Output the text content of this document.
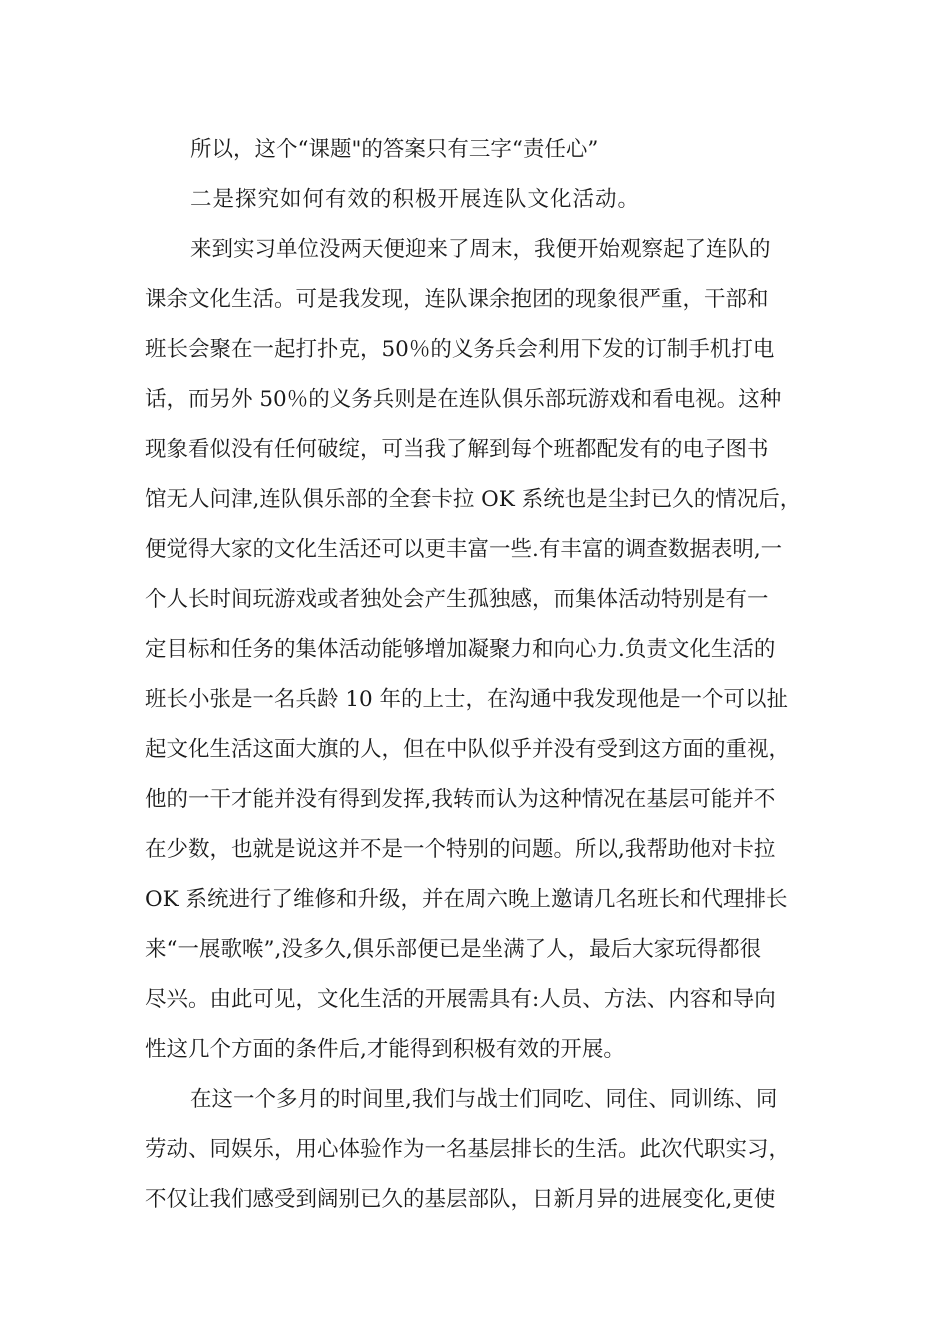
所以，这个“课题"的答案只有三字“责任心”

二是探究如何有效的积极开展连队文化活动。

来到实习单位没两天便迎来了周末，我便开始观察起了连队的

课余文化生活。可是我发现，连队课余抱团的现象很严重，干部和

班长会聚在一起打扑克，50％的义务兵会利用下发的订制手机打电

话，而另外 50％的义务兵则是在连队俱乐部玩游戏和看电视。这种

现象看似没有任何破绽，可当我了解到每个班都配发有的电子图书

馆无人问津,连队俱乐部的全套卡拉 OK 系统也是尘封已久的情况后，

便觉得大家的文化生活还可以更丰富一些.有丰富的调查数据表明,一

个人长时间玩游戏或者独处会产生孤独感，而集体活动特别是有一

定目标和任务的集体活动能够增加凝聚力和向心力.负责文化生活的

班长小张是一名兵龄 10 年的上士，在沟通中我发现他是一个可以扯

起文化生活这面大旗的人，但在中队似乎并没有受到这方面的重视，

他的一干才能并没有得到发挥,我转而认为这种情况在基层可能并不

在少数，也就是说这并不是一个特别的问题。所以,我帮助他对卡拉

OK 系统进行了维修和升级，并在周六晚上邀请几名班长和代理排长

来“一展歌喉”,没多久,俱乐部便已是坐满了人，最后大家玩得都很

尽兴。由此可见，文化生活的开展需具有:人员、方法、内容和导向

性这几个方面的条件后,才能得到积极有效的开展。

在这一个多月的时间里,我们与战士们同吃、同住、同训练、同

劳动、同娱乐，用心体验作为一名基层排长的生活。此次代职实习，

不仅让我们感受到阔别已久的基层部队，日新月异的进展变化,更使
